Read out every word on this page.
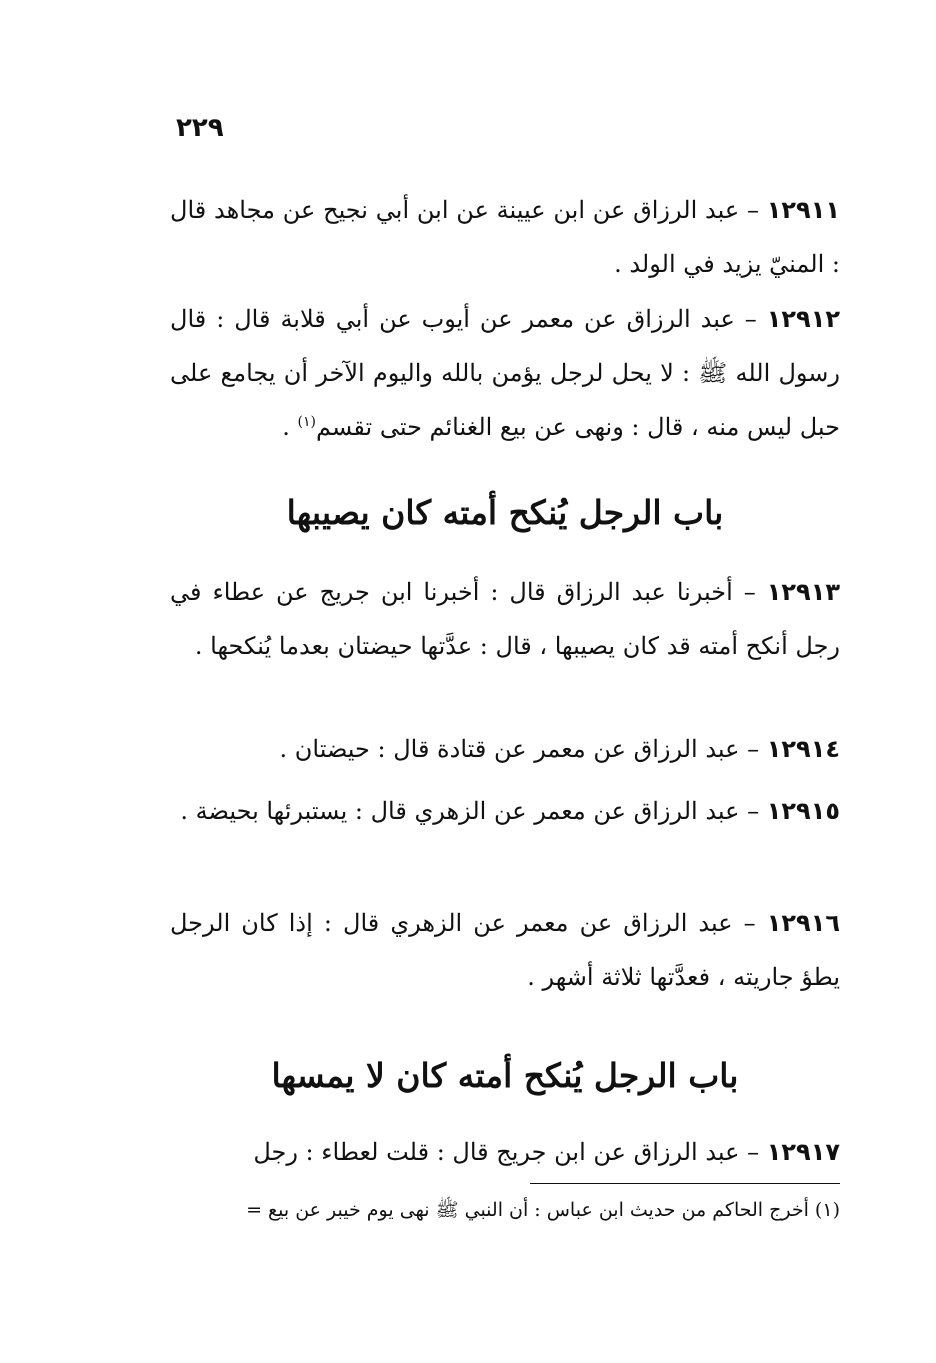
٢٢٩

١٢٩١١ – عبد الرزاق عن ابن عيينة عن ابن أبي نجيح عن مجاهد قال : المنيّ يزيد في الولد .

١٢٩١٢ – عبد الرزاق عن معمر عن أيوب عن أبي قلابة قال : قال رسول الله ﷺ : لا يحل لرجل يؤمن بالله واليوم الآخر أن يجامع على حبل ليس منه ، قال : ونهى عن بيع الغنائم حتى تقسم$^{(١)}$ .

باب الرجل يُنكح أمته كان يصيبها

١٢٩١٣ – أخبرنا عبد الرزاق قال : أخبرنا ابن جريج عن عطاء في رجل أنكح أمته قد كان يصيبها ، قال : عدَّتها حيضتان بعدما يُنكحها .

١٢٩١٤ – عبد الرزاق عن معمر عن قتادة قال : حيضتان .

١٢٩١٥ – عبد الرزاق عن معمر عن الزهري قال : يستبرئها بحيضة .

١٢٩١٦ – عبد الرزاق عن معمر عن الزهري قال : إذا كان الرجل يطؤ جاريته ، فعدَّتها ثلاثة أشهر .

باب الرجل يُنكح أمته كان لا يمسها

١٢٩١٧ – عبد الرزاق عن ابن جريج قال : قلت لعطاء : رجل

(١) أخرج الحاكم من حديث ابن عباس : أن النبي ﷺ نهى يوم خيبر عن بيع =
